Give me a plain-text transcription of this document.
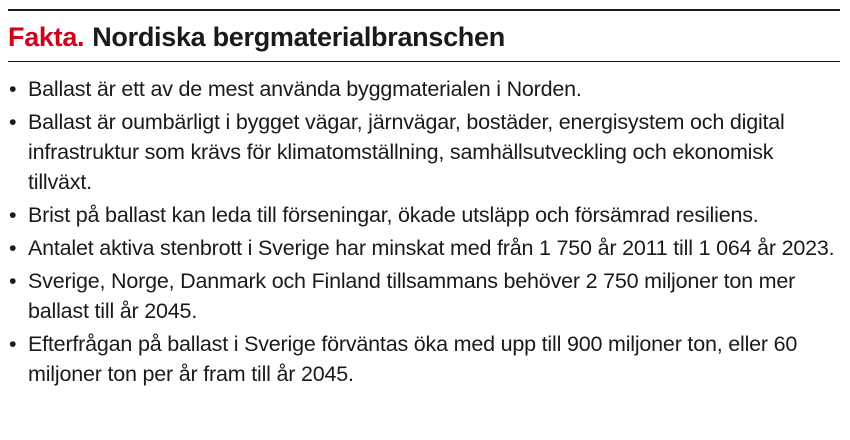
Fakta. Nordiska bergmaterialbranschen
• Ballast är ett av de mest använda byggmaterialen i Norden.
• Ballast är oumbärligt i bygget vägar, järnvägar, bostäder, energisystem och digital infrastruktur som krävs för klimatomställning, samhällsutveckling och ekonomisk tillväxt.
• Brist på ballast kan leda till förseningar, ökade utsläpp och försämrad resiliens.
• Antalet aktiva stenbrott i Sverige har minskat med från 1 750 år 2011 till 1 064 år 2023.
• Sverige, Norge, Danmark och Finland tillsammans behöver 2 750 miljoner ton mer ballast till år 2045.
• Efterfrågan på ballast i Sverige förväntas öka med upp till 900 miljoner ton, eller 60 miljoner ton per år fram till år 2045.
